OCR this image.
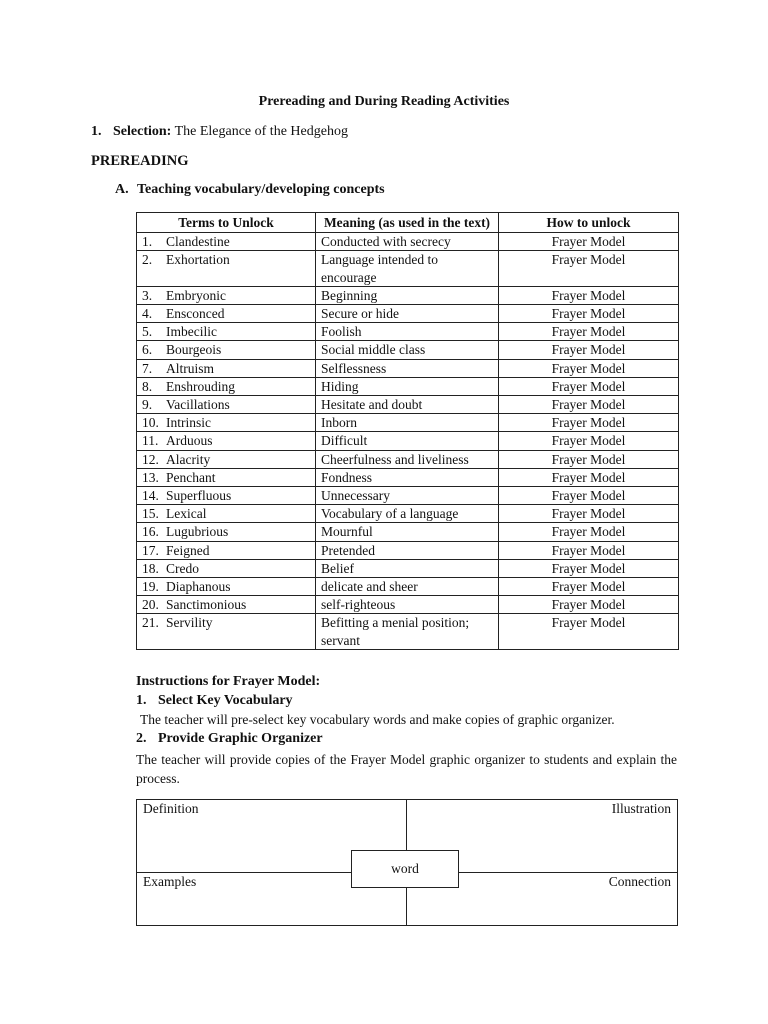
Prereading and During Reading Activities
1. Selection: The Elegance of the Hedgehog
PREREADING
A. Teaching vocabulary/developing concepts
Terms to Unlock	Meaning (as used in the text)	How to unlock
1. Clandestine	Conducted with secrecy	Frayer Model
2. Exhortation	Language intended to encourage	Frayer Model
3. Embryonic	Beginning	Frayer Model
4. Ensconced	Secure or hide	Frayer Model
5. Imbecilic	Foolish	Frayer Model
6. Bourgeois	Social middle class	Frayer Model
7. Altruism	Selflessness	Frayer Model
8. Enshrouding	Hiding	Frayer Model
9. Vacillations	Hesitate and doubt	Frayer Model
10. Intrinsic	Inborn	Frayer Model
11. Arduous	Difficult	Frayer Model
12. Alacrity	Cheerfulness and liveliness	Frayer Model
13. Penchant	Fondness	Frayer Model
14. Superfluous	Unnecessary	Frayer Model
15. Lexical	Vocabulary of a language	Frayer Model
16. Lugubrious	Mournful	Frayer Model
17. Feigned	Pretended	Frayer Model
18. Credo	Belief	Frayer Model
19. Diaphanous	delicate and sheer	Frayer Model
20. Sanctimonious	self-righteous	Frayer Model
21. Servility	Befitting a menial position; servant	Frayer Model
Instructions for Frayer Model:
1. Select Key Vocabulary
The teacher will pre-select key vocabulary words and make copies of graphic organizer.
2. Provide Graphic Organizer
The teacher will provide copies of the Frayer Model graphic organizer to students and explain the process.
Definition	Illustration
Examples	Connection
word
